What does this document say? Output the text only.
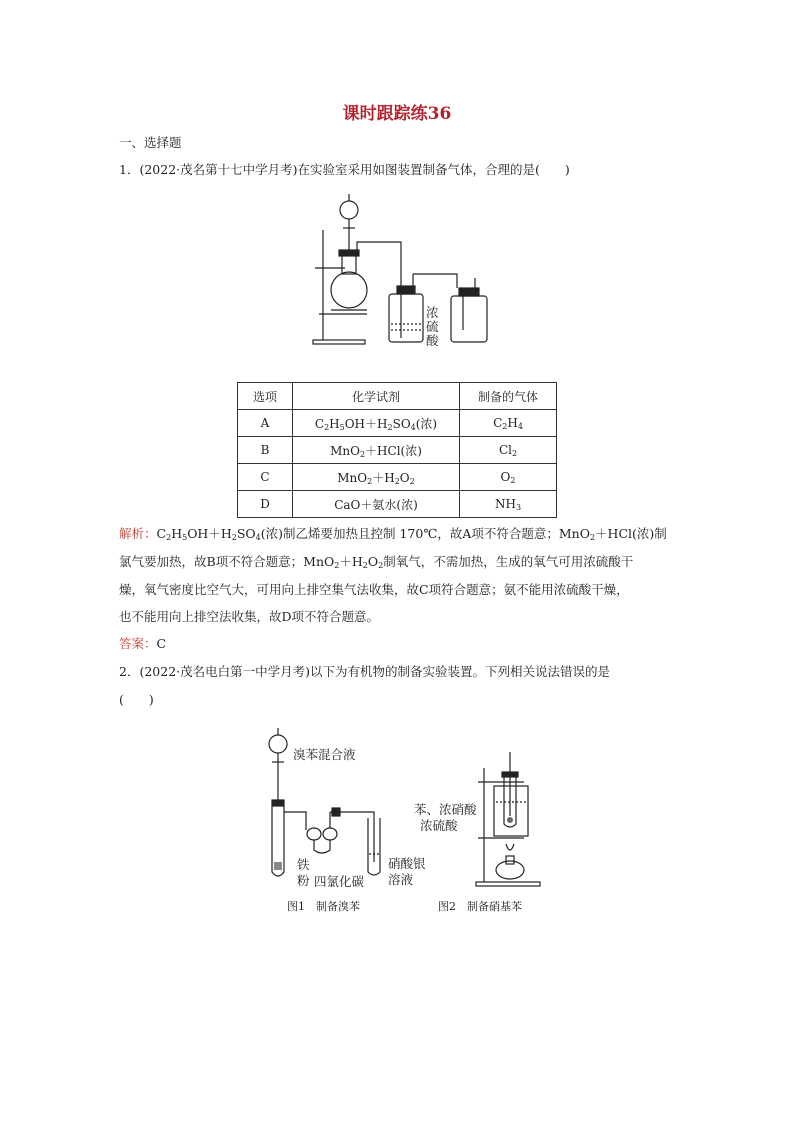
课时跟踪练36
一、选择题
1．(2022·茂名第十七中学月考)在实验室采用如图装置制备气体，合理的是(　　)
浓
硫
酸
选项	化学试剂	制备的气体
A	$C_2H_5OH+H_2SO_4$(浓)	$C_2H_4$
B	MnO$_2$＋HCl(浓)	$Cl_2$
C	$MnO_2+H_2O_2$	$O_2$
D	CaO＋氨水(浓)	$NH_3$
解析：$C_2H_5OH+H_2SO_4$(浓)制乙烯要加热且控制 170℃，故A项不符合题意；MnO$_2$＋HCl(浓)制
氯气要加热，故B项不符合题意；$MnO_2+H_2O_2$制氧气，不需加热，生成的氧气可用浓硫酸干
燥，氧气密度比空气大，可用向上排空集气法收集，故C项符合题意；氨不能用浓硫酸干燥，
也不能用向上排空法收集，故D项不符合题意。
答案：C
2．(2022·茂名电白第一中学月考)以下为有机物的制备实验装置。下列相关说法错误的是
(　　)
溴苯混合液
铁
粉 四氯化碳
硝酸银
溶液
图1　制备溴苯
苯、浓硝酸
浓硫酸
图2　制备硝基苯
